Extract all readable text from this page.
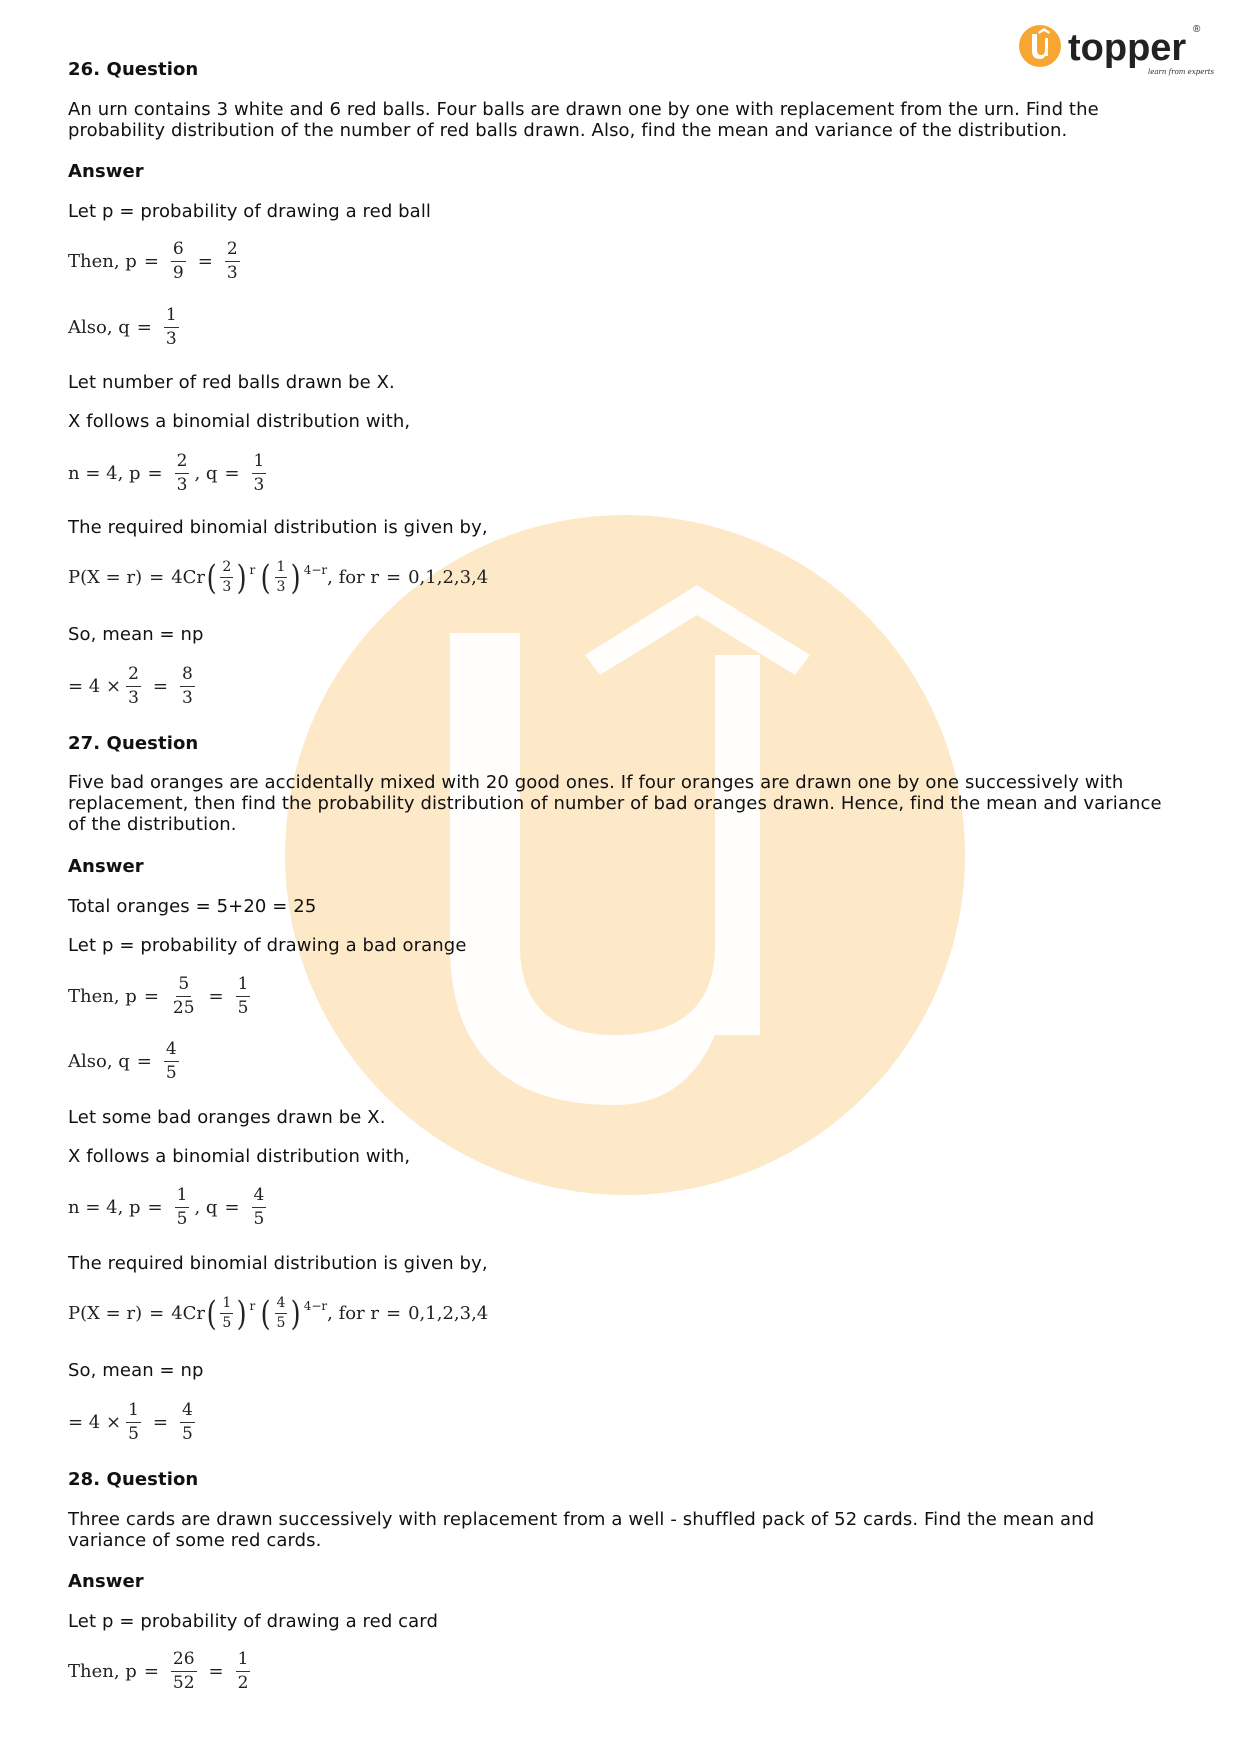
topper ®
learn from experts

26. Question

An urn contains 3 white and 6 red balls. Four balls are drawn one by one with replacement from the urn. Find the probability distribution of the number of red balls drawn. Also, find the mean and variance of the distribution.

Answer

Let p = probability of drawing a red ball

Then, $p = \frac{6}{9} = \frac{2}{3}$
Also, $q = \frac{1}{3}$

Let number of red balls drawn be X.

X follows a binomial distribution with,

n = 4, $p = \frac{2}{3}$ , $q = \frac{1}{3}$

The required binomial distribution is given by,

P(X = r) = 4Cr ( $\frac{2}{3} )^r$ ( $\frac{1}{3} )^{4-r}$ , for r = 0,1,2,3,4

So, mean = np

= $4 \times \frac{2}{3} = \frac{8}{3}$

27. Question

Five bad oranges are accidentally mixed with 20 good ones. If four oranges are drawn one by one successively with replacement, then find the probability distribution of number of bad oranges drawn. Hence, find the mean and variance of the distribution.

Answer

Total oranges = 5+20 = 25

Let p = probability of drawing a bad orange

Then, $p = \frac{5}{25} = \frac{1}{5}$
Also, $q = \frac{4}{5}$

Let some bad oranges drawn be X.

X follows a binomial distribution with,

n = 4, $p = \frac{1}{5}$ , $q = \frac{4}{5}$

The required binomial distribution is given by,

P(X = r) = 4Cr ( $\frac{1}{5} )^r$ ( $\frac{4}{5} )^{4-r}$ , for r = 0,1,2,3,4

So, mean = np

= $4 \times \frac{1}{5} = \frac{4}{5}$

28. Question

Three cards are drawn successively with replacement from a well - shuffled pack of 52 cards. Find the mean and variance of some red cards.

Answer

Let p = probability of drawing a red card

Then, $p = \frac{26}{52} = \frac{1}{2}$
